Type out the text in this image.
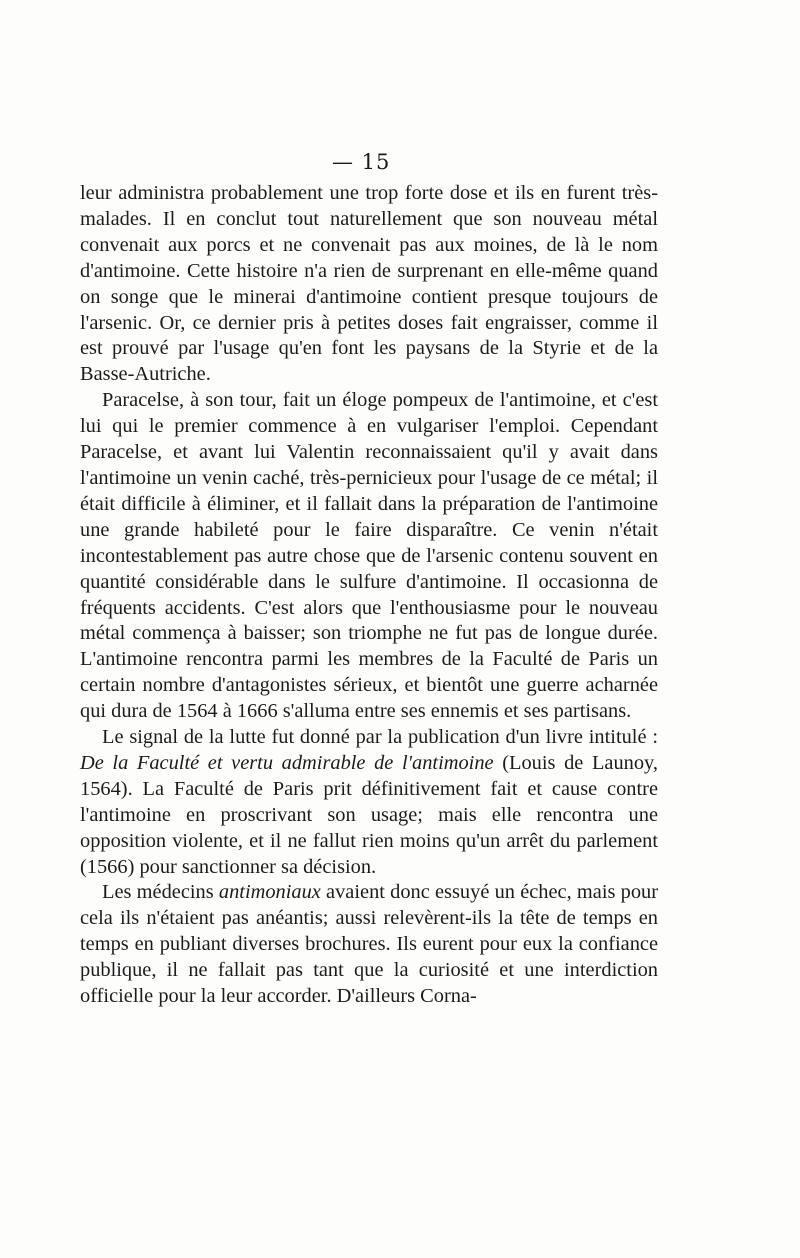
— 15

leur administra probablement une trop forte dose et ils en furent très-malades. Il en conclut tout naturellement que son nouveau métal convenait aux porcs et ne convenait pas aux moines, de là le nom d'antimoine. Cette histoire n'a rien de surprenant en elle-même quand on songe que le minerai d'antimoine contient presque toujours de l'arsenic. Or, ce dernier pris à petites doses fait engraisser, comme il est prouvé par l'usage qu'en font les paysans de la Styrie et de la Basse-Autriche.

Paracelse, à son tour, fait un éloge pompeux de l'antimoine, et c'est lui qui le premier commence à en vulgariser l'emploi. Cependant Paracelse, et avant lui Valentin reconnaissaient qu'il y avait dans l'antimoine un venin caché, très-pernicieux pour l'usage de ce métal; il était difficile à éliminer, et il fallait dans la préparation de l'antimoine une grande habileté pour le faire disparaître. Ce venin n'était incontestablement pas autre chose que de l'arsenic contenu souvent en quantité considérable dans le sulfure d'antimoine. Il occasionna de fréquents accidents. C'est alors que l'enthousiasme pour le nouveau métal commença à baisser; son triomphe ne fut pas de longue durée. L'antimoine rencontra parmi les membres de la Faculté de Paris un certain nombre d'antagonistes sérieux, et bientôt une guerre acharnée qui dura de 1564 à 1666 s'alluma entre ses ennemis et ses partisans.

Le signal de la lutte fut donné par la publication d'un livre intitulé : De la Faculté et vertu admirable de l'antimoine (Louis de Launoy, 1564). La Faculté de Paris prit définitivement fait et cause contre l'antimoine en proscrivant son usage; mais elle rencontra une opposition violente, et il ne fallut rien moins qu'un arrêt du parlement (1566) pour sanctionner sa décision.

Les médecins antimoniaux avaient donc essuyé un échec, mais pour cela ils n'étaient pas anéantis; aussi relevèrent-ils la tête de temps en temps en publiant diverses brochures. Ils eurent pour eux la confiance publique, il ne fallait pas tant que la curiosité et une interdiction officielle pour la leur accorder. D'ailleurs Corna-
